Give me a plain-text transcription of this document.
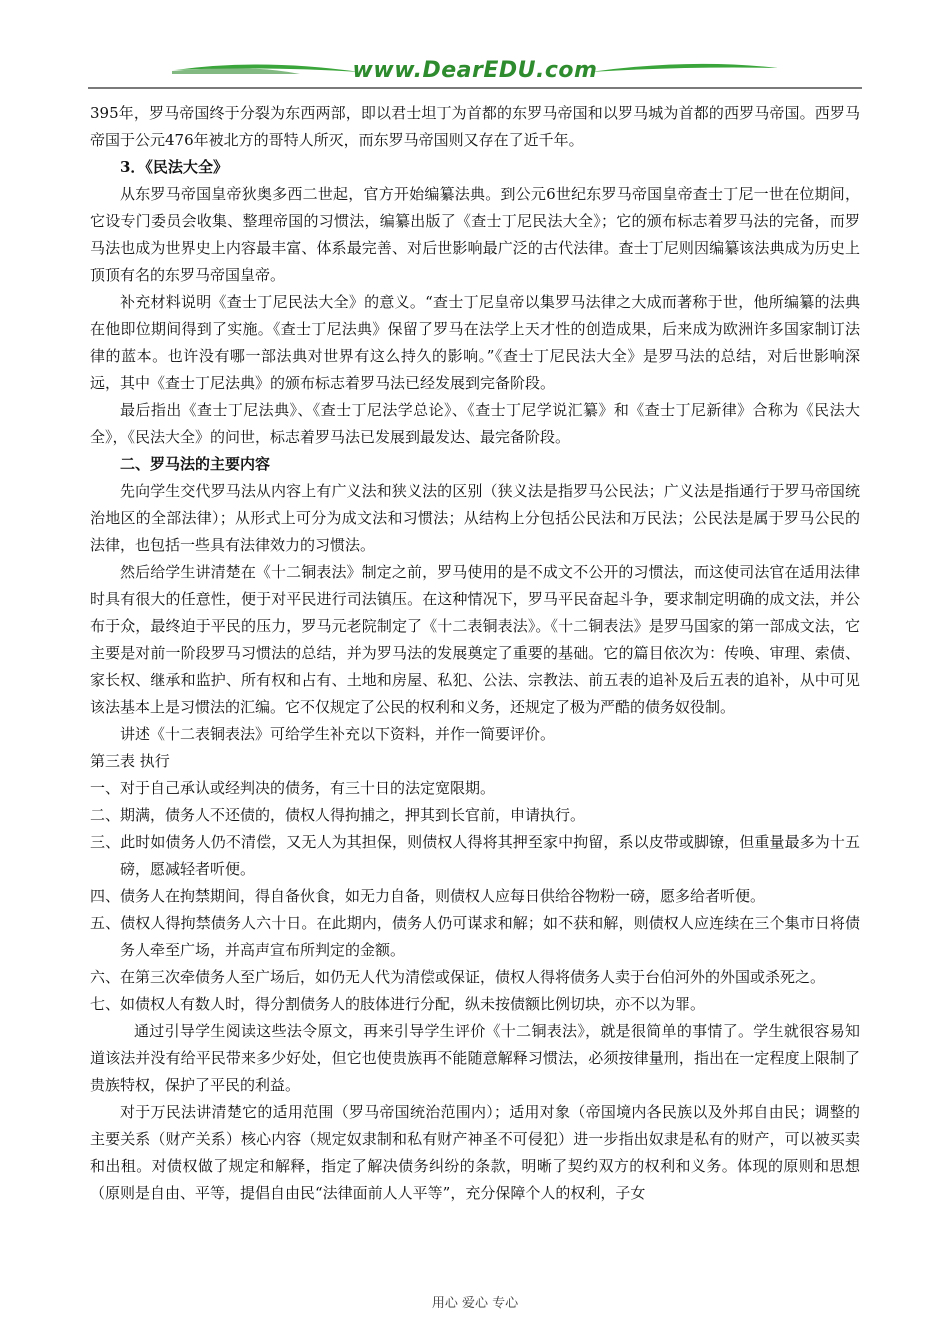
www.DearEDU.com

395年，罗马帝国终于分裂为东西两部，即以君士坦丁为首都的东罗马帝国和以罗马城为首都的西罗马帝国。西罗马帝国于公元476年被北方的哥特人所灭，而东罗马帝国则又存在了近千年。

3．《民法大全》

从东罗马帝国皇帝狄奥多西二世起，官方开始编纂法典。到公元6世纪东罗马帝国皇帝查士丁尼一世在位期间，它设专门委员会收集、整理帝国的习惯法，编纂出版了《查士丁尼民法大全》；它的颁布标志着罗马法的完备，而罗马法也成为世界史上内容最丰富、体系最完善、对后世影响最广泛的古代法律。查士丁尼则因编纂该法典成为历史上顶顶有名的东罗马帝国皇帝。

补充材料说明《查士丁尼民法大全》的意义。“查士丁尼皇帝以集罗马法律之大成而著称于世，他所编纂的法典在他即位期间得到了实施。《查士丁尼法典》保留了罗马在法学上天才性的创造成果，后来成为欧洲许多国家制订法律的蓝本。也许没有哪一部法典对世界有这么持久的影响。”《查士丁尼民法大全》是罗马法的总结，对后世影响深远，其中《查士丁尼法典》的颁布标志着罗马法已经发展到完备阶段。

最后指出《查士丁尼法典》、《查士丁尼法学总论》、《查士丁尼学说汇纂》和《查士丁尼新律》合称为《民法大全》，《民法大全》的问世，标志着罗马法已发展到最发达、最完备阶段。

二、罗马法的主要内容

先向学生交代罗马法从内容上有广义法和狭义法的区别（狭义法是指罗马公民法；广义法是指通行于罗马帝国统治地区的全部法律）；从形式上可分为成文法和习惯法；从结构上分包括公民法和万民法；公民法是属于罗马公民的法律，也包括一些具有法律效力的习惯法。

然后给学生讲清楚在《十二铜表法》制定之前，罗马使用的是不成文不公开的习惯法，而这使司法官在适用法律时具有很大的任意性，便于对平民进行司法镇压。在这种情况下，罗马平民奋起斗争，要求制定明确的成文法，并公布于众，最终迫于平民的压力，罗马元老院制定了《十二表铜表法》。《十二铜表法》是罗马国家的第一部成文法，它主要是对前一阶段罗马习惯法的总结，并为罗马法的发展奠定了重要的基础。它的篇目依次为：传唤、审理、索债、家长权、继承和监护、所有权和占有、土地和房屋、私犯、公法、宗教法、前五表的追补及后五表的追补，从中可见该法基本上是习惯法的汇编。它不仅规定了公民的权利和义务，还规定了极为严酷的债务奴役制。

讲述《十二表铜表法》可给学生补充以下资料，并作一简要评价。

第三表 执行

一、对于自己承认或经判决的债务，有三十日的法定宽限期。

二、期满，债务人不还债的，债权人得拘捕之，押其到长官前，申请执行。

三、此时如债务人仍不清偿，又无人为其担保，则债权人得将其押至家中拘留，系以皮带或脚镣，但重量最多为十五磅，愿减轻者听便。

四、债务人在拘禁期间，得自备伙食，如无力自备，则债权人应每日供给谷物粉一磅，愿多给者听便。

五、债权人得拘禁债务人六十日。在此期内，债务人仍可谋求和解；如不获和解，则债权人应连续在三个集市日将债务人牵至广场，并高声宣布所判定的金额。

六、在第三次牵债务人至广场后，如仍无人代为清偿或保证，债权人得将债务人卖于台伯河外的外国或杀死之。

七、如债权人有数人时，得分割债务人的肢体进行分配，纵未按债额比例切块，亦不以为罪。

通过引导学生阅读这些法令原文，再来引导学生评价《十二铜表法》，就是很简单的事情了。学生就很容易知道该法并没有给平民带来多少好处，但它也使贵族再不能随意解释习惯法，必须按律量刑，指出在一定程度上限制了贵族特权，保护了平民的利益。

对于万民法讲清楚它的适用范围（罗马帝国统治范围内）；适用对象（帝国境内各民族以及外邦自由民；调整的主要关系（财产关系）核心内容（规定奴隶制和私有财产神圣不可侵犯）进一步指出奴隶是私有的财产，可以被买卖和出租。对债权做了规定和解释，指定了解决债务纠纷的条款，明晰了契约双方的权利和义务。体现的原则和思想（原则是自由、平等，提倡自由民“法律面前人人平等”，充分保障个人的权利，子女

用心 爱心 专心
